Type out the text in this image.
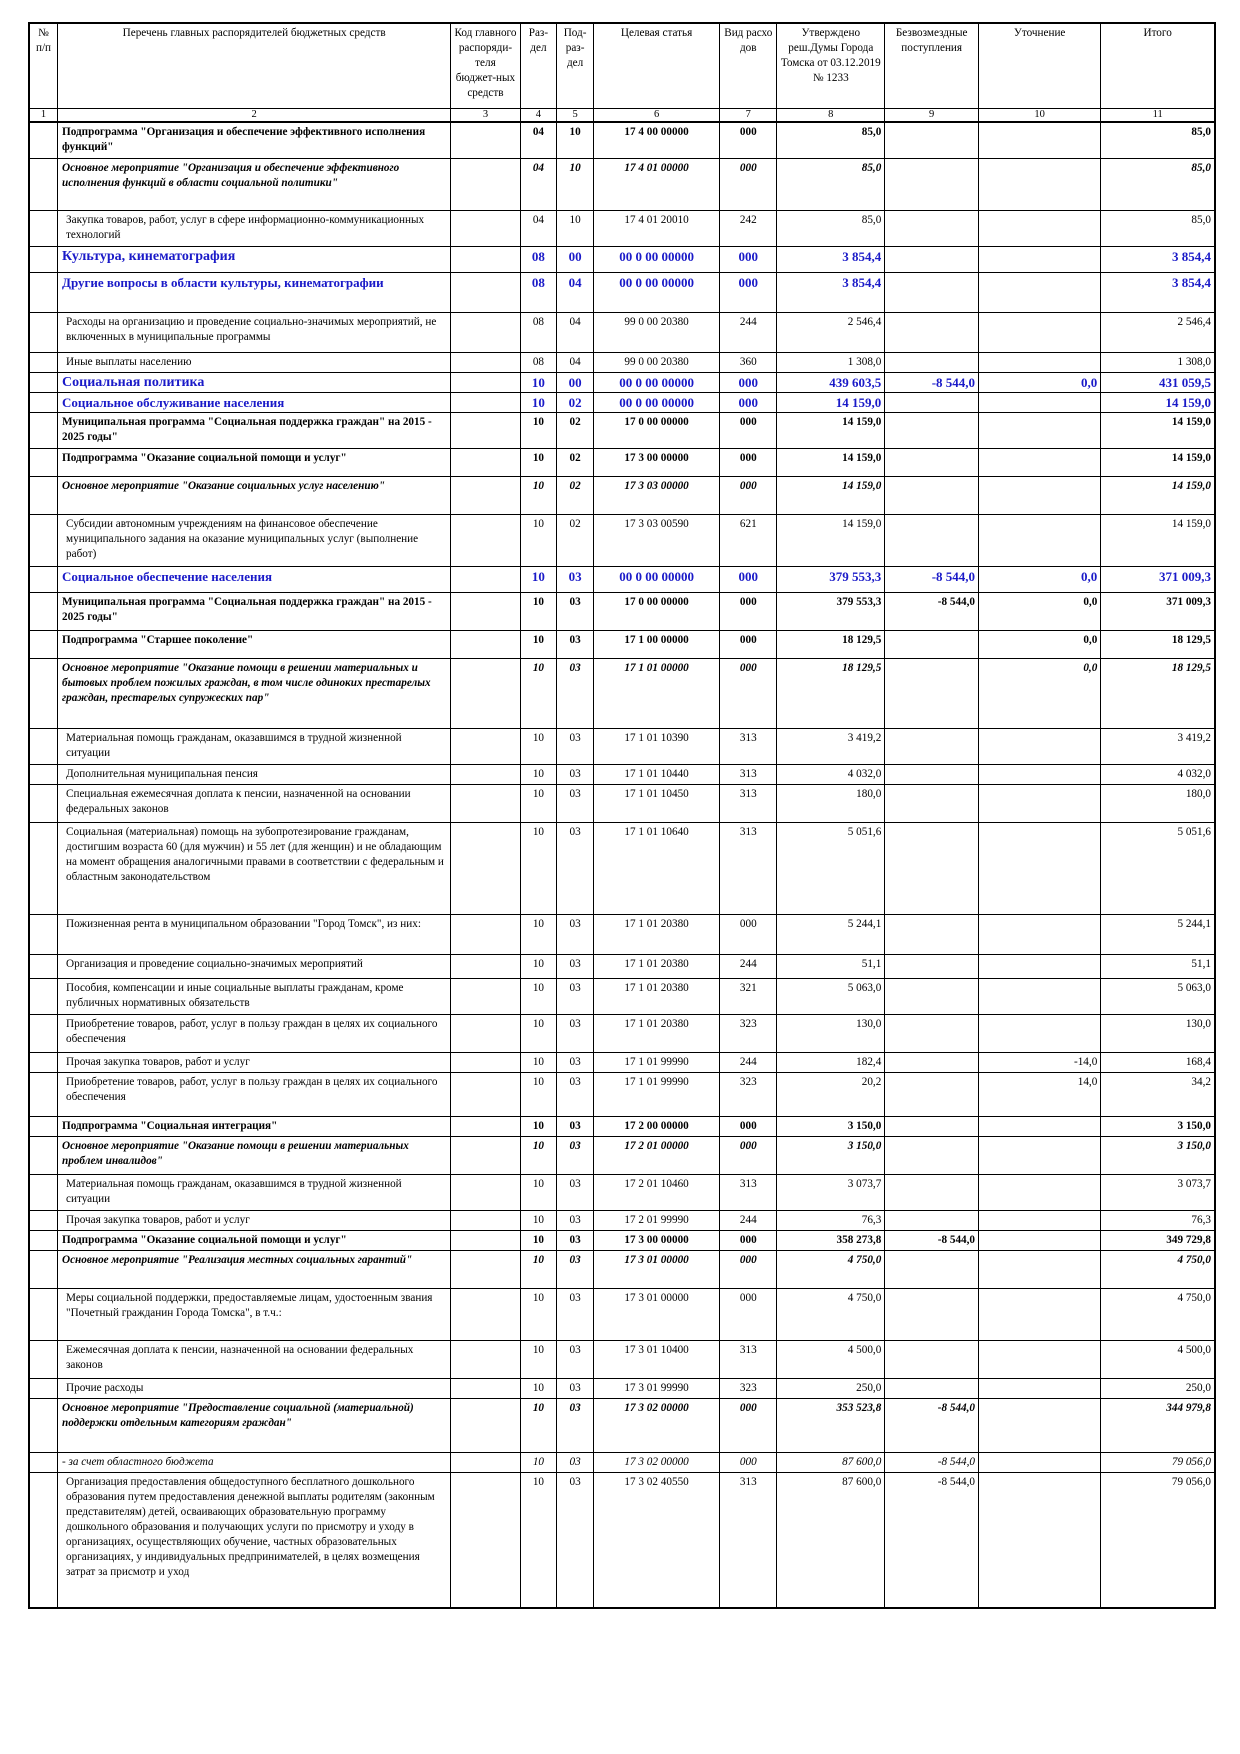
№ п/п	Перечень главных распорядителей бюджетных средств	Код главного распоряди-теля бюджет-ных средств	Раз-дел	Под-раз-дел	Целевая статья	Вид расхо дов	Утверждено реш.Думы Города Томска от 03.12.2019 № 1233	Безвозмездные поступления	Уточнение	Итого
1	2	3	4	5	6	7	8	9	10	11
	Подпрограмма "Организация и обеспечение эффективного исполнения функций"		04	10	17 4 00 00000	000	85,0			85,0
	Основное мероприятие "Организация и обеспечение эффективного исполнения функций в области социальной политики"		04	10	17 4 01 00000	000	85,0			85,0
	Закупка товаров, работ, услуг в сфере информационно-коммуникационных технологий		04	10	17 4 01 20010	242	85,0			85,0
	Культура, кинематография		08	00	00 0 00 00000	000	3 854,4			3 854,4
	Другие вопросы в области культуры, кинематографии		08	04	00 0 00 00000	000	3 854,4			3 854,4
	Расходы на организацию и проведение социально-значимых мероприятий, не включенных в муниципальные программы		08	04	99 0 00 20380	244	2 546,4			2 546,4
	Иные выплаты населению		08	04	99 0 00 20380	360	1 308,0			1 308,0
	Социальная политика		10	00	00 0 00 00000	000	439 603,5	-8 544,0	0,0	431 059,5
	Социальное обслуживание населения		10	02	00 0 00 00000	000	14 159,0			14 159,0
	Муниципальная программа "Социальная поддержка граждан" на 2015 - 2025 годы"		10	02	17 0 00 00000	000	14 159,0			14 159,0
	Подпрограмма "Оказание социальной помощи и услуг"		10	02	17 3 00 00000	000	14 159,0			14 159,0
	Основное мероприятие "Оказание социальных услуг населению"		10	02	17 3 03 00000	000	14 159,0			14 159,0
	Субсидии автономным учреждениям на финансовое обеспечение муниципального задания на оказание муниципальных услуг (выполнение работ)		10	02	17 3 03 00590	621	14 159,0			14 159,0
	Социальное обеспечение населения		10	03	00 0 00 00000	000	379 553,3	-8 544,0	0,0	371 009,3
	Муниципальная программа "Социальная поддержка граждан" на 2015 - 2025 годы"		10	03	17 0 00 00000	000	379 553,3	-8 544,0	0,0	371 009,3
	Подпрограмма "Старшее поколение"		10	03	17 1 00 00000	000	18 129,5		0,0	18 129,5
	Основное мероприятие "Оказание помощи в решении материальных и бытовых проблем пожилых граждан, в том числе одиноких престарелых граждан, престарелых супружеских пар"		10	03	17 1 01 00000	000	18 129,5		0,0	18 129,5
	Материальная помощь гражданам, оказавшимся в трудной жизненной ситуации		10	03	17 1 01 10390	313	3 419,2			3 419,2
	Дополнительная муниципальная пенсия		10	03	17 1 01 10440	313	4 032,0			4 032,0
	Специальная ежемесячная доплата к пенсии, назначенной на основании федеральных законов		10	03	17 1 01 10450	313	180,0			180,0
	Социальная (материальная) помощь на зубопротезирование гражданам, достигшим возраста 60 (для мужчин) и 55 лет (для женщин) и не обладающим на момент обращения аналогичными правами в соответствии с федеральным и областным законодательством		10	03	17 1 01 10640	313	5 051,6			5 051,6
	Пожизненная рента в муниципальном образовании "Город Томск", из них:		10	03	17 1 01 20380	000	5 244,1			5 244,1
	Организация и проведение социально-значимых мероприятий		10	03	17 1 01 20380	244	51,1			51,1
	Пособия, компенсации и иные социальные выплаты гражданам, кроме публичных нормативных обязательств		10	03	17 1 01 20380	321	5 063,0			5 063,0
	Приобретение товаров, работ, услуг в пользу граждан в целях их социального обеспечения		10	03	17 1 01 20380	323	130,0			130,0
	Прочая закупка товаров, работ и услуг		10	03	17 1 01 99990	244	182,4		-14,0	168,4
	Приобретение товаров, работ, услуг в пользу граждан в целях их социального обеспечения		10	03	17 1 01 99990	323	20,2		14,0	34,2
	Подпрограмма "Социальная интеграция"		10	03	17 2 00 00000	000	3 150,0			3 150,0
	Основное мероприятие "Оказание помощи в решении материальных проблем инвалидов"		10	03	17 2 01 00000	000	3 150,0			3 150,0
	Материальная помощь гражданам, оказавшимся в трудной жизненной ситуации		10	03	17 2 01 10460	313	3 073,7			3 073,7
	Прочая закупка товаров, работ и услуг		10	03	17 2 01 99990	244	76,3			76,3
	Подпрограмма "Оказание социальной помощи и услуг"		10	03	17 3 00 00000	000	358 273,8	-8 544,0		349 729,8
	Основное мероприятие "Реализация местных социальных гарантий"		10	03	17 3 01 00000	000	4 750,0			4 750,0
	Меры социальной поддержки, предоставляемые лицам, удостоенным звания "Почетный гражданин Города Томска", в т.ч.:		10	03	17 3 01 00000	000	4 750,0			4 750,0
	Ежемесячная доплата к пенсии, назначенной на основании федеральных законов		10	03	17 3 01 10400	313	4 500,0			4 500,0
	Прочие расходы		10	03	17 3 01 99990	323	250,0			250,0
	Основное мероприятие "Предоставление социальной (материальной) поддержки отдельным категориям граждан"		10	03	17 3 02 00000	000	353 523,8	-8 544,0		344 979,8
	- за счет областного бюджета		10	03	17 3 02 00000	000	87 600,0	-8 544,0		79 056,0
	Организация предоставления общедоступного бесплатного дошкольного образования путем предоставления денежной выплаты родителям (законным представителям) детей, осваивающих образовательную программу дошкольного образования и получающих услуги по присмотру и уходу в организациях, осуществляющих обучение, частных образовательных организациях, у индивидуальных предпринимателей, в целях возмещения затрат за присмотр и уход		10	03	17 3 02 40550	313	87 600,0	-8 544,0		79 056,0
